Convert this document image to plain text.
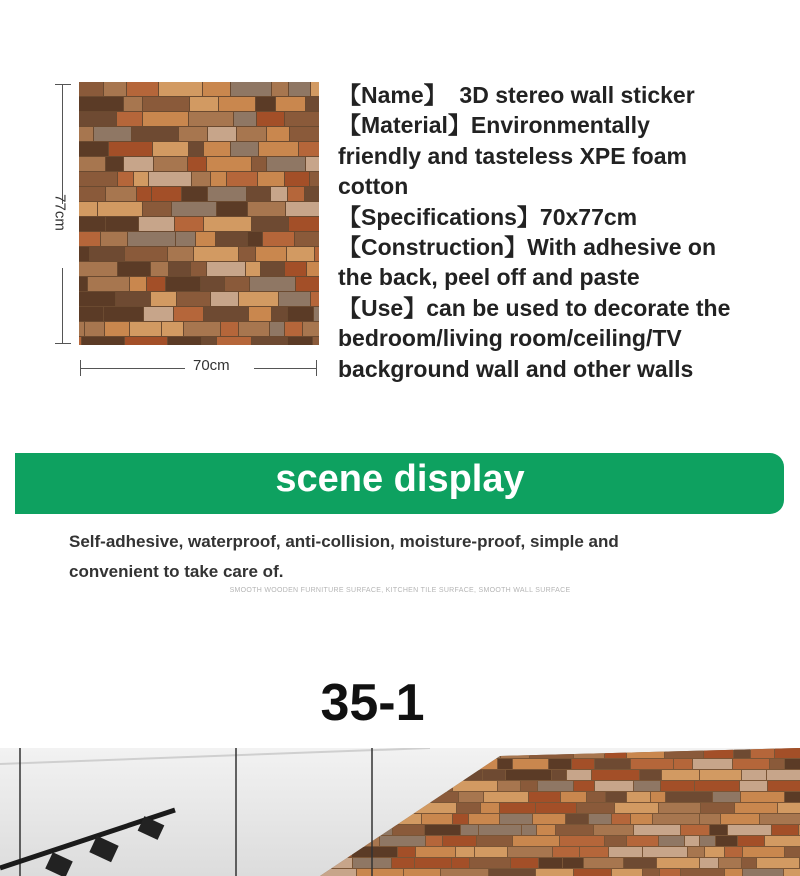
77cm
70cm
【Name】  3D stereo wall sticker
【Material】Environmentally
friendly and tasteless XPE foam
cotton
【Specifications】70x77cm
【Construction】With adhesive on
the back, peel off and paste
【Use】can be used to decorate the
bedroom/living room/ceiling/TV
background wall and other walls
scene display
Self-adhesive, waterproof, anti-collision, moisture-proof, simple and
convenient to take care of.
SMOOTH WOODEN FURNITURE SURFACE, KITCHEN TILE SURFACE, SMOOTH WALL SURFACE
35-1
